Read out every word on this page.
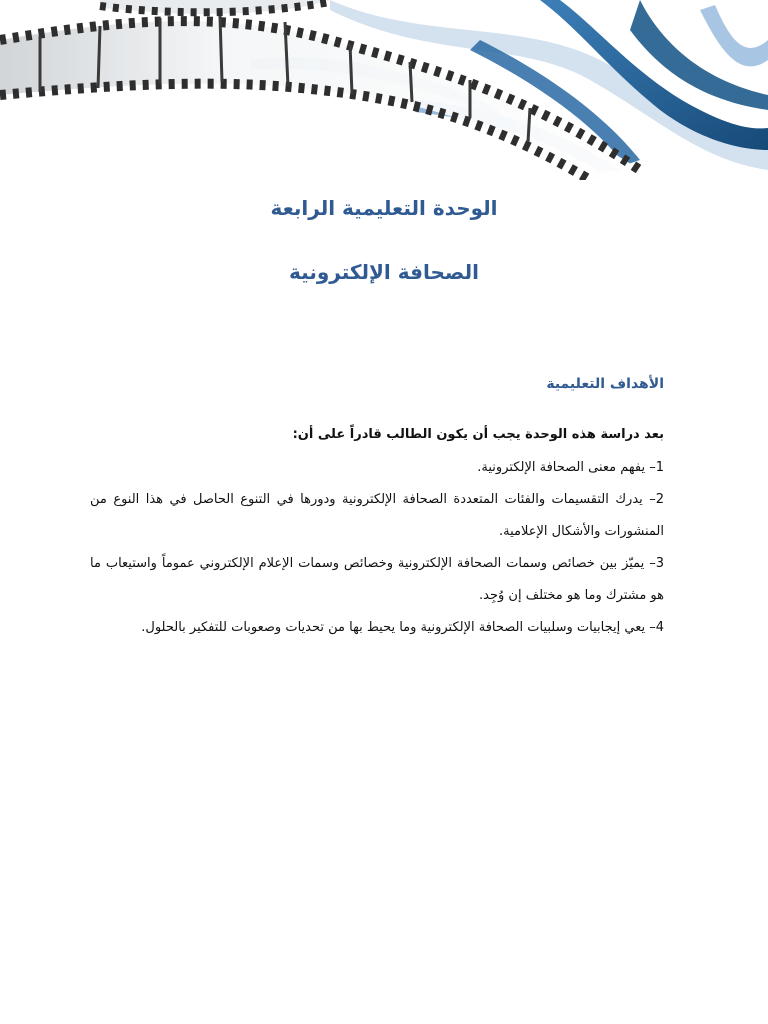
الوحدة التعليمية الرابعة
الصحافة الإلكترونية
الأهداف التعليمية

بعد دراسة هذه الوحدة يجب أن يكون الطالب قادراً على أن:

1– يفهم معنى الصحافة الإلكترونية.
2– يدرك التقسيمات والفئات المتعددة الصحافة الإلكترونية ودورها في التنوع الحاصل في هذا النوع من المنشورات والأشكال الإعلامية.
3– يميّز بين خصائص وسمات الصحافة الإلكترونية وخصائص وسمات الإعلام الإلكتروني عموماً واستيعاب ما هو مشترك وما هو مختلف إن وُجِد.
4– يعي إيجابيات وسلبيات الصحافة الإلكترونية وما يحيط بها من تحديات وصعوبات للتفكير بالحلول.
